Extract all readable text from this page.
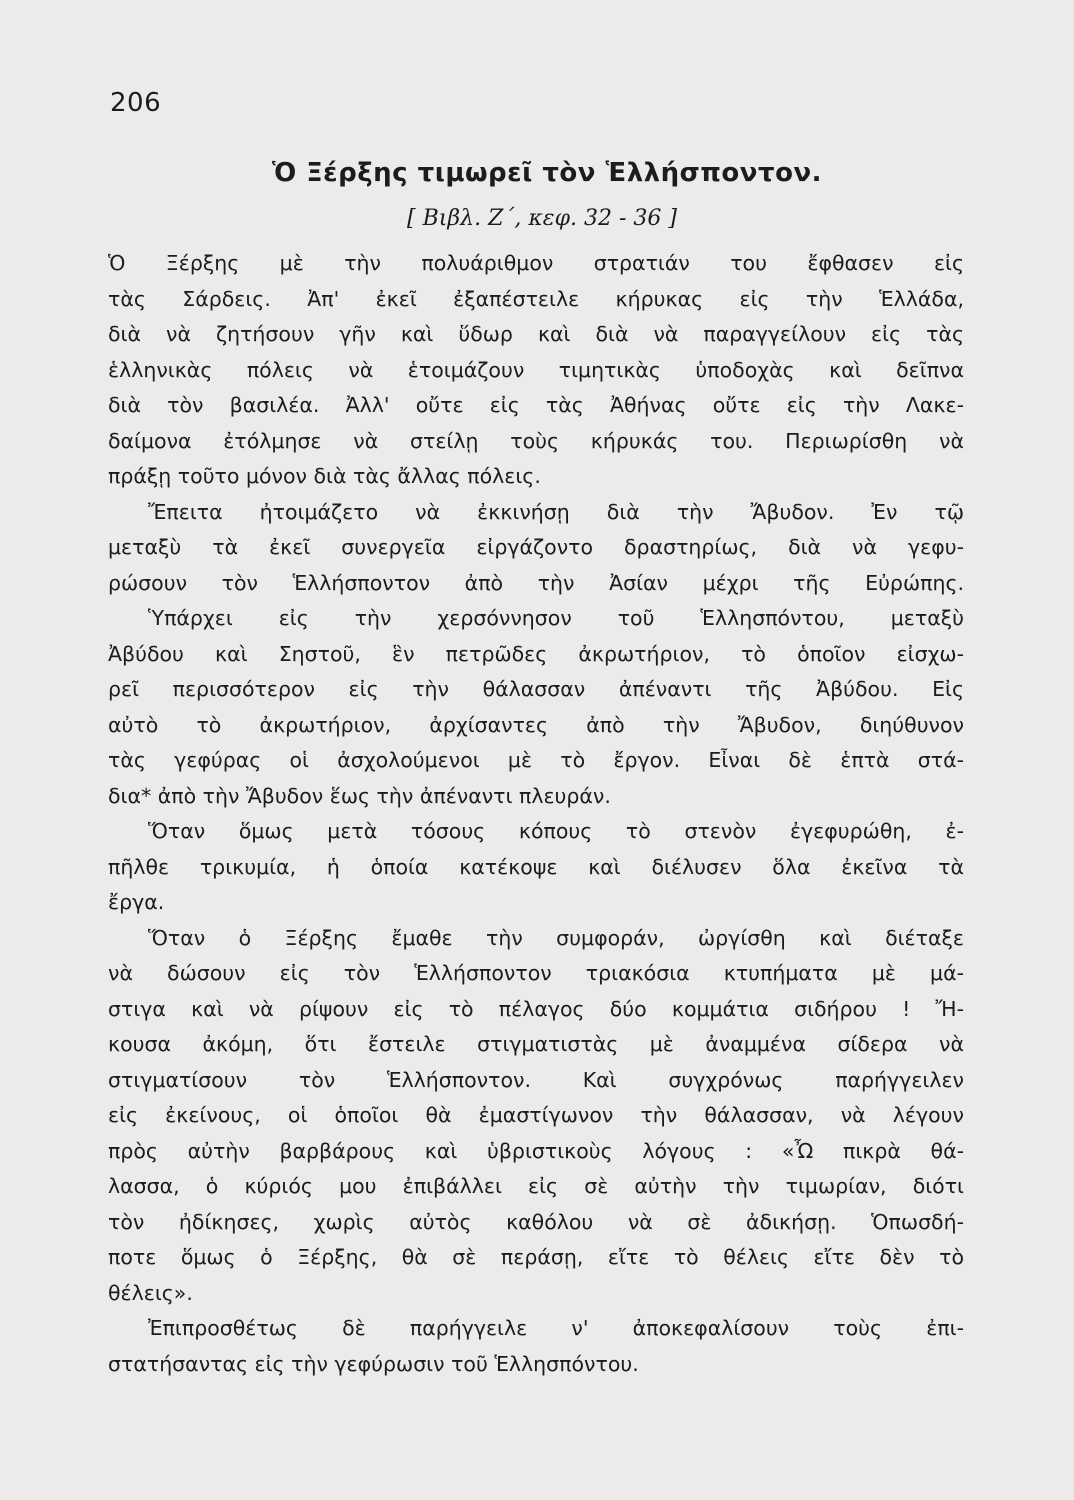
206
Ὁ Ξέρξης τιμωρεῖ τὸν Ἑλλήσποντον.
[ Βιβλ. Ζ΄, κεφ. 32 - 36 ]
Ὁ Ξέρξης μὲ τὴν πολυάριθμον στρατιάν του ἔφθασεν εἰς
τὰς Σάρδεις. Ἀπ' ἐκεῖ ἐξαπέστειλε κήρυκας εἰς τὴν Ἑλλάδα,
διὰ νὰ ζητήσουν γῆν καὶ ὕδωρ καὶ διὰ νὰ παραγγείλουν εἰς τὰς
ἑλληνικὰς πόλεις νὰ ἑτοιμάζουν τιμητικὰς ὑποδοχὰς καὶ δεῖπνα
διὰ τὸν βασιλέα. Ἀλλ' οὔτε εἰς τὰς Ἀθήνας οὔτε εἰς τὴν Λακε-
δαίμονα ἐτόλμησε νὰ στείλῃ τοὺς κήρυκάς του. Περιωρίσθη νὰ
πράξῃ τοῦτο μόνον διὰ τὰς ἄλλας πόλεις.
Ἔπειτα ἠτοιμάζετο νὰ ἐκκινήσῃ διὰ τὴν Ἄβυδον. Ἐν τῷ
μεταξὺ τὰ ἐκεῖ συνεργεῖα εἰργάζοντο δραστηρίως, διὰ νὰ γεφυ-
ρώσουν τὸν Ἑλλήσποντον ἀπὸ τὴν Ἀσίαν μέχρι τῆς Εὐρώπης.
Ὑπάρχει εἰς τὴν χερσόννησον τοῦ Ἑλλησπόντου, μεταξὺ
Ἀβύδου καὶ Σηστοῦ, ἓν πετρῶδες ἀκρωτήριον, τὸ ὁποῖον εἰσχω-
ρεῖ περισσότερον εἰς τὴν θάλασσαν ἀπέναντι τῆς Ἀβύδου. Εἰς
αὐτὸ τὸ ἀκρωτήριον, ἀρχίσαντες ἀπὸ τὴν Ἄβυδον, διηύθυνον
τὰς γεφύρας οἱ ἀσχολούμενοι μὲ τὸ ἔργον. Εἶναι δὲ ἑπτὰ στά-
δια* ἀπὸ τὴν Ἄβυδον ἕως τὴν ἀπέναντι πλευράν.
Ὅταν ὅμως μετὰ τόσους κόπους τὸ στενὸν ἐγεφυρώθη, ἐ-
πῆλθε τρικυμία, ἡ ὁποία κατέκοψε καὶ διέλυσεν ὅλα ἐκεῖνα τὰ
ἔργα.
Ὅταν ὁ Ξέρξης ἔμαθε τὴν συμφοράν, ὠργίσθη καὶ διέταξε
νὰ δώσουν εἰς τὸν Ἑλλήσποντον τριακόσια κτυπήματα μὲ μά-
στιγα καὶ νὰ ρίψουν εἰς τὸ πέλαγος δύο κομμάτια σιδήρου ! Ἤ-
κουσα ἀκόμη, ὅτι ἔστειλε στιγματιστὰς μὲ ἀναμμένα σίδερα νὰ
στιγματίσουν τὸν Ἑλλήσποντον. Καὶ συγχρόνως παρήγγειλεν
εἰς ἐκείνους, οἱ ὁποῖοι θὰ ἐμαστίγωνον τὴν θάλασσαν, νὰ λέγουν
πρὸς αὐτὴν βαρβάρους καὶ ὑβριστικοὺς λόγους : «Ὦ πικρὰ θά-
λασσα, ὁ κύριός μου ἐπιβάλλει εἰς σὲ αὐτὴν τὴν τιμωρίαν, διότι
τὸν ἠδίκησες, χωρὶς αὐτὸς καθόλου νὰ σὲ ἀδικήσῃ. Ὁπωσδή-
ποτε ὅμως ὁ Ξέρξης, θὰ σὲ περάσῃ, εἴτε τὸ θέλεις εἴτε δὲν τὸ
θέλεις».
Ἐπιπροσθέτως δὲ παρήγγειλε ν' ἀποκεφαλίσουν τοὺς ἐπι-
στατήσαντας εἰς τὴν γεφύρωσιν τοῦ Ἑλλησπόντου.
